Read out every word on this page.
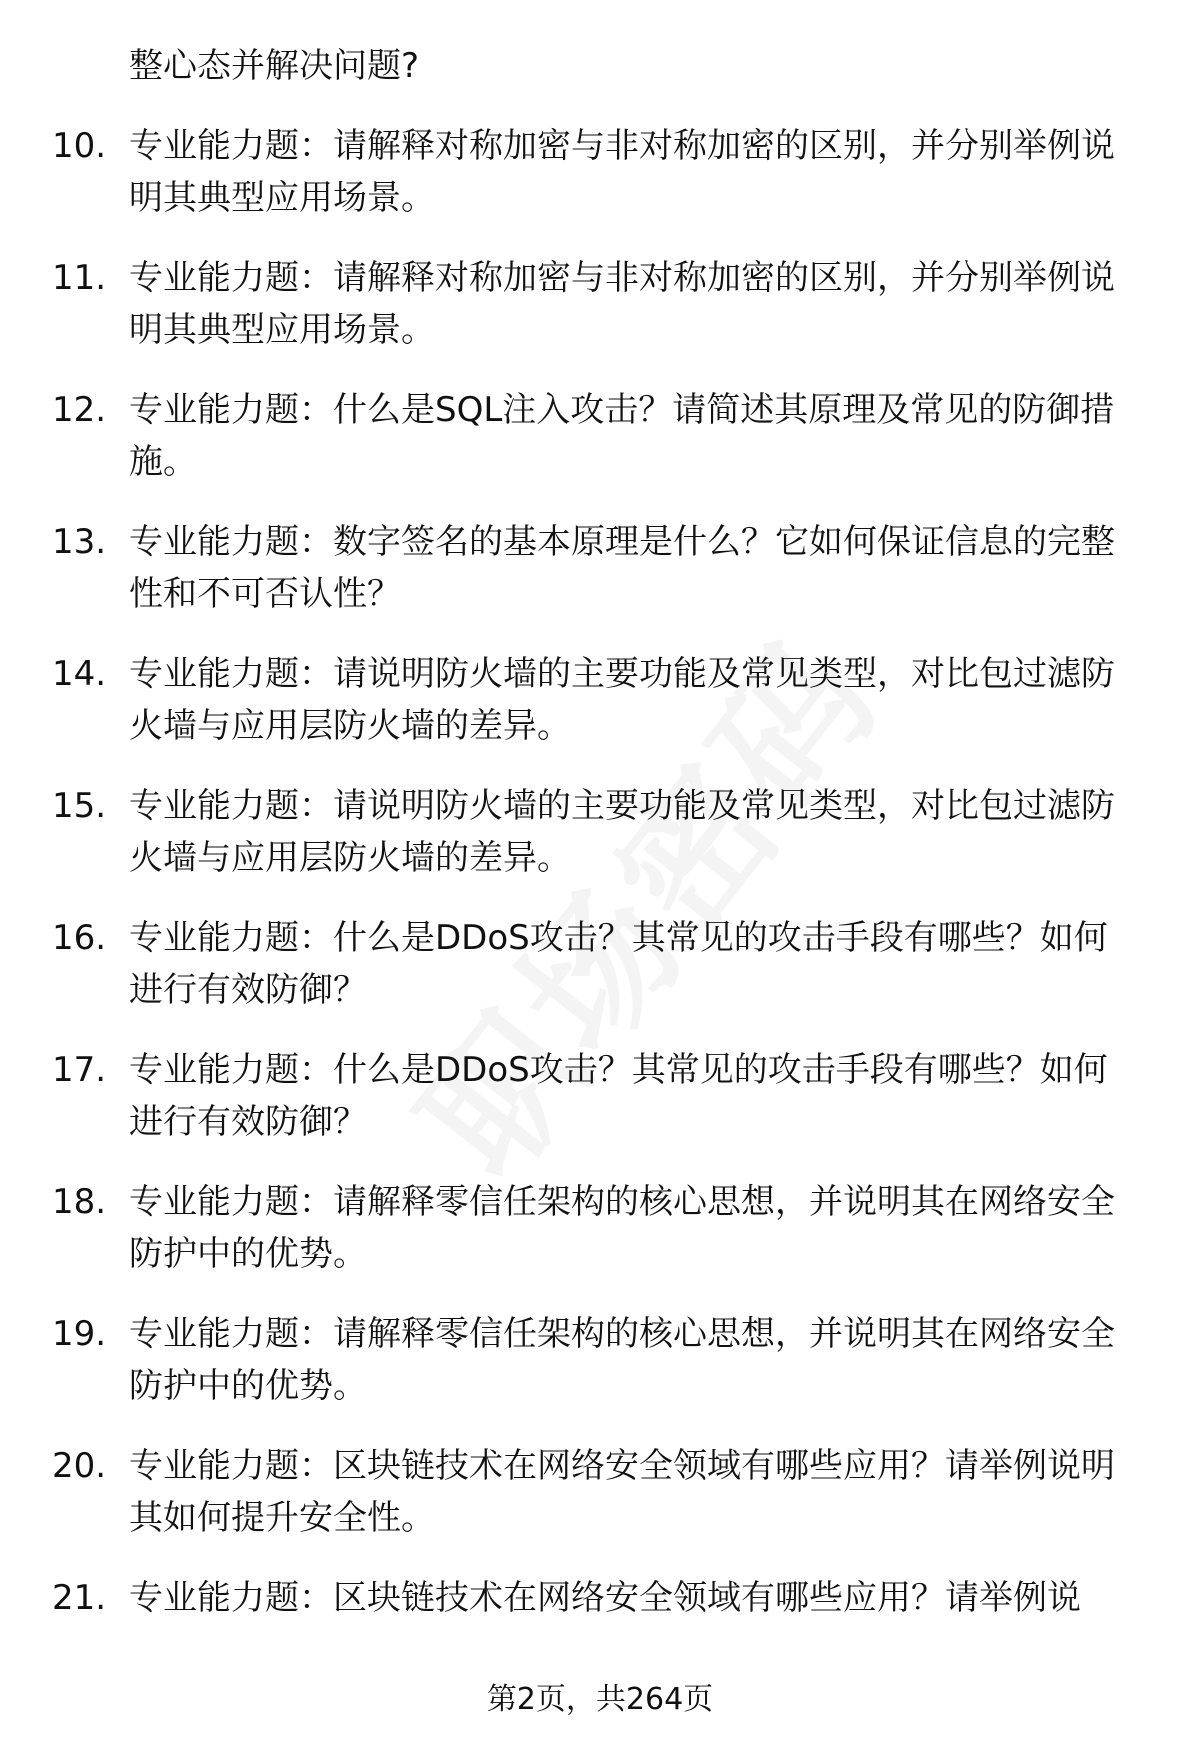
整心态并解决问题?
10. 专业能力题：请解释对称加密与非对称加密的区别，并分别举例说明其典型应用场景。
11. 专业能力题：请解释对称加密与非对称加密的区别，并分别举例说明其典型应用场景。
12. 专业能力题：什么是SQL注入攻击？请简述其原理及常见的防御措施。
13. 专业能力题：数字签名的基本原理是什么？它如何保证信息的完整性和不可否认性？
14. 专业能力题：请说明防火墙的主要功能及常见类型，对比包过滤防火墙与应用层防火墙的差异。
15. 专业能力题：请说明防火墙的主要功能及常见类型，对比包过滤防火墙与应用层防火墙的差异。
16. 专业能力题：什么是DDoS攻击？其常见的攻击手段有哪些？如何进行有效防御？
17. 专业能力题：什么是DDoS攻击？其常见的攻击手段有哪些？如何进行有效防御？
18. 专业能力题：请解释零信任架构的核心思想，并说明其在网络安全防护中的优势。
19. 专业能力题：请解释零信任架构的核心思想，并说明其在网络安全防护中的优势。
20. 专业能力题：区块链技术在网络安全领域有哪些应用？请举例说明其如何提升安全性。
21. 专业能力题：区块链技术在网络安全领域有哪些应用？请举例说
第2页，共264页
